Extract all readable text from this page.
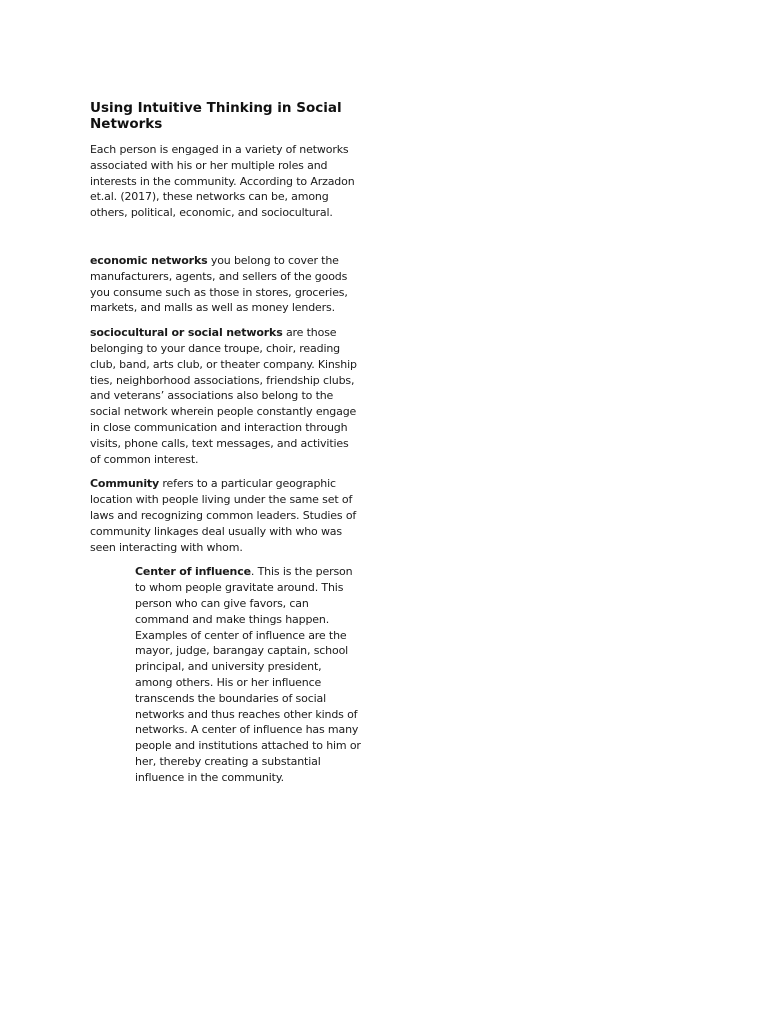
Using Intuitive Thinking in Social Networks

Each person is engaged in a variety of networks associated with his or her multiple roles and interests in the community. According to Arzadon et.al. (2017), these networks can be, among others, political, economic, and sociocultural.

economic networks you belong to cover the manufacturers, agents, and sellers of the goods you consume such as those in stores, groceries, markets, and malls as well as money lenders.

sociocultural or social networks are those belonging to your dance troupe, choir, reading club, band, arts club, or theater company. Kinship ties, neighborhood associations, friendship clubs, and veterans’ associations also belong to the social network wherein people constantly engage in close communication and interaction through visits, phone calls, text messages, and activities of common interest.

Community refers to a particular geographic location with people living under the same set of laws and recognizing common leaders. Studies of community linkages deal usually with who was seen interacting with whom.

Center of influence. This is the person to whom people gravitate around. This person who can give favors, can command and make things happen. Examples of center of influence are the mayor, judge, barangay captain, school principal, and university president, among others. His or her influence transcends the boundaries of social networks and thus reaches other kinds of networks. A center of influence has many people and institutions attached to him or her, thereby creating a substantial influence in the community.
